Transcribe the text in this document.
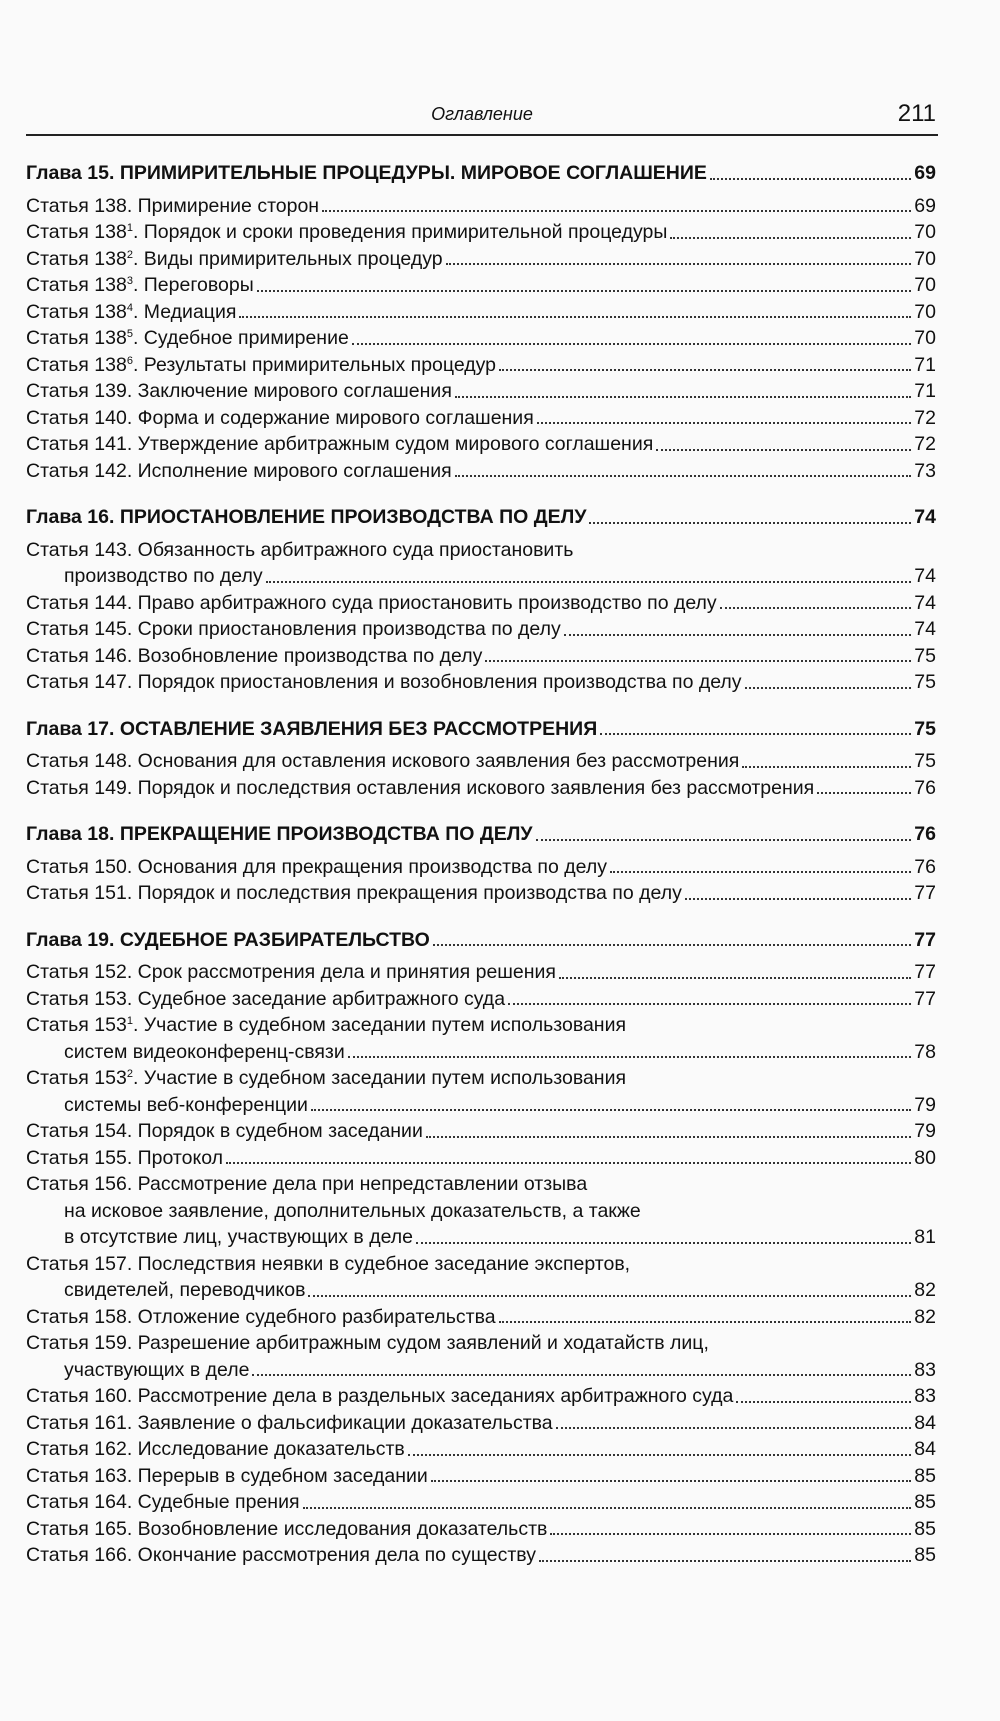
Оглавление	211
Глава 15. ПРИМИРИТЕЛЬНЫЕ ПРОЦЕДУРЫ. МИРОВОЕ СОГЛАШЕНИЕ	69
Статья 138. Примирение сторон	69
Статья $138^1$. Порядок и сроки проведения примирительной процедуры	70
Статья $138^2$. Виды примирительных процедур	70
Статья $138^3$. Переговоры	70
Статья $138^4$. Медиация	70
Статья $138^5$. Судебное примирение	70
Статья $138^6$. Результаты примирительных процедур	71
Статья 139. Заключение мирового соглашения	71
Статья 140. Форма и содержание мирового соглашения	72
Статья 141. Утверждение арбитражным судом мирового соглашения	72
Статья 142. Исполнение мирового соглашения	73
Глава 16. ПРИОСТАНОВЛЕНИЕ ПРОИЗВОДСТВА ПО ДЕЛУ	74
Статья 143. Обязанность арбитражного суда приостановить
производство по делу	74
Статья 144. Право арбитражного суда приостановить производство по делу	74
Статья 145. Сроки приостановления производства по делу	74
Статья 146. Возобновление производства по делу	75
Статья 147. Порядок приостановления и возобновления производства по делу	75
Глава 17. ОСТАВЛЕНИЕ ЗАЯВЛЕНИЯ БЕЗ РАССМОТРЕНИЯ	75
Статья 148. Основания для оставления искового заявления без рассмотрения	75
Статья 149. Порядок и последствия оставления искового заявления без рассмотрения	76
Глава 18. ПРЕКРАЩЕНИЕ ПРОИЗВОДСТВА ПО ДЕЛУ	76
Статья 150. Основания для прекращения производства по делу	76
Статья 151. Порядок и последствия прекращения производства по делу	77
Глава 19. СУДЕБНОЕ РАЗБИРАТЕЛЬСТВО	77
Статья 152. Срок рассмотрения дела и принятия решения	77
Статья 153. Судебное заседание арбитражного суда	77
Статья $153^1$. Участие в судебном заседании путем использования
систем видеоконференц-связи	78
Статья $153^2$. Участие в судебном заседании путем использования
системы веб-конференции	79
Статья 154. Порядок в судебном заседании	79
Статья 155. Протокол	80
Статья 156. Рассмотрение дела при непредставлении отзыва
на исковое заявление, дополнительных доказательств, а также
в отсутствие лиц, участвующих в деле	81
Статья 157. Последствия неявки в судебное заседание экспертов,
свидетелей, переводчиков	82
Статья 158. Отложение судебного разбирательства	82
Статья 159. Разрешение арбитражным судом заявлений и ходатайств лиц,
участвующих в деле	83
Статья 160. Рассмотрение дела в раздельных заседаниях арбитражного суда	83
Статья 161. Заявление о фальсификации доказательства	84
Статья 162. Исследование доказательств	84
Статья 163. Перерыв в судебном заседании	85
Статья 164. Судебные прения	85
Статья 165. Возобновление исследования доказательств	85
Статья 166. Окончание рассмотрения дела по существу	85
